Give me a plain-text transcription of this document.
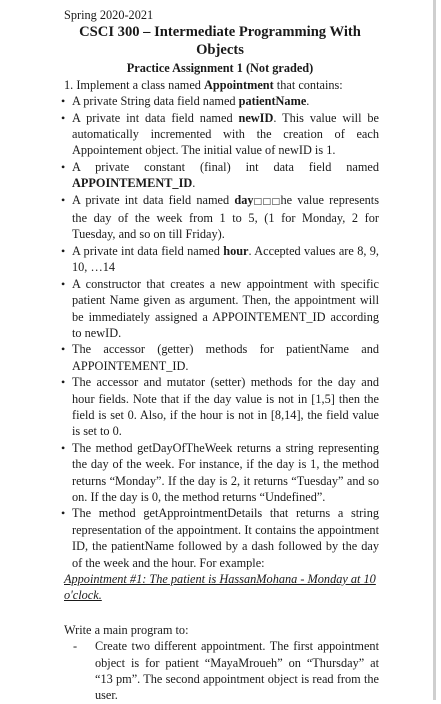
Spring 2020-2021

CSCI 300 – Intermediate Programming With Objects

Practice Assignment 1 (Not graded)

1. Implement a class named Appointment that contains:

• A private String data field named patientName.
• A private int data field named newID. This value will be automatically incremented with the creation of each Appointement object. The initial value of newID is 1.
• A private constant (final) int data field named APPOINTEMENT_ID.
• A private int data field named day□□□he value represents the day of the week from 1 to 5, (1 for Monday, 2 for Tuesday, and so on till Friday).
• A private int data field named hour. Accepted values are 8, 9, 10, …14
• A constructor that creates a new appointment with specific patient Name given as argument. Then, the appointment will be immediately assigned a APPOINTEMENT_ID according to newID.
• The accessor (getter) methods for patientName and APPOINTEMENT_ID.
• The accessor and mutator (setter) methods for the day and hour fields. Note that if the day value is not in [1,5] then the field is set 0. Also, if the hour is not in [8,14], the field value is set to 0.
• The method getDayOfTheWeek returns a string representing the day of the week. For instance, if the day is 1, the method returns “Monday”. If the day is 2, it returns “Tuesday” and so on. If the day is 0, the method returns “Undefined”.
• The method getApprointmentDetails that returns a string representation of the appointment. It contains the appointment ID, the patientName followed by a dash followed by the day of the week and the hour. For example:

Appointment #1: The patient is HassanMohana - Monday at 10 o'clock.

Write a main program to:

- Create two different appointment. The first appointment object is for patient “MayaMroueh” on “Thursday” at “13 pm”. The second appointment object is read from the user.
